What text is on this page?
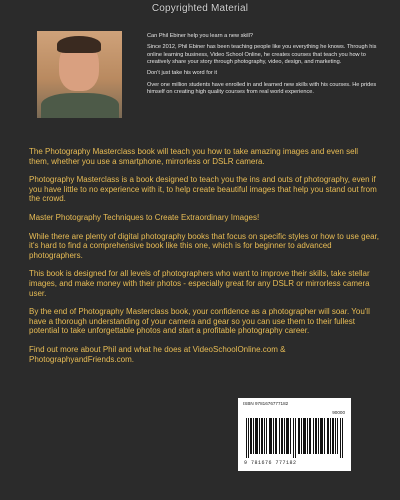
Copyrighted Material

Can Phil Ebiner help you learn a new skill?

Since 2012, Phil Ebiner has been teaching people like you everything he knows. Through his online learning business, Video School Online, he creates courses that teach you how to creatively share your story through photography, video, design, and marketing.

Don't just take his word for it

Over one million students have enrolled in and learned new skills with his courses. He prides himself on creating high quality courses from real world experience.

The Photography Masterclass book will teach you how to take amazing images and even sell them, whether you use a smartphone, mirrorless or DSLR camera.

Photography Masterclass is a book designed to teach you the ins and outs of photography, even if you have little to no experience with it, to help create beautiful images that help you stand out from the crowd.

Master Photography Techniques to Create Extraordinary Images!

While there are plenty of digital photography books that focus on specific styles or how to use gear, it's hard to find a comprehensive book like this one, which is for beginner to advanced photographers.

This book is designed for all levels of photographers who want to improve their skills, take stellar images, and make money with their photos - especially great for any DSLR or mirrorless camera user.

By the end of Photography Masterclass book, your confidence as a photographer will soar. You'll have a thorough understanding of your camera and gear so you can use them to their fullest potential to take unforgettable photos and start a profitable photography career.

Find out more about Phil and what he does at VideoSchoolOnline.com & PhotographyandFriends.com.

ISBN 9781676777182
90000
9 781676 777182
